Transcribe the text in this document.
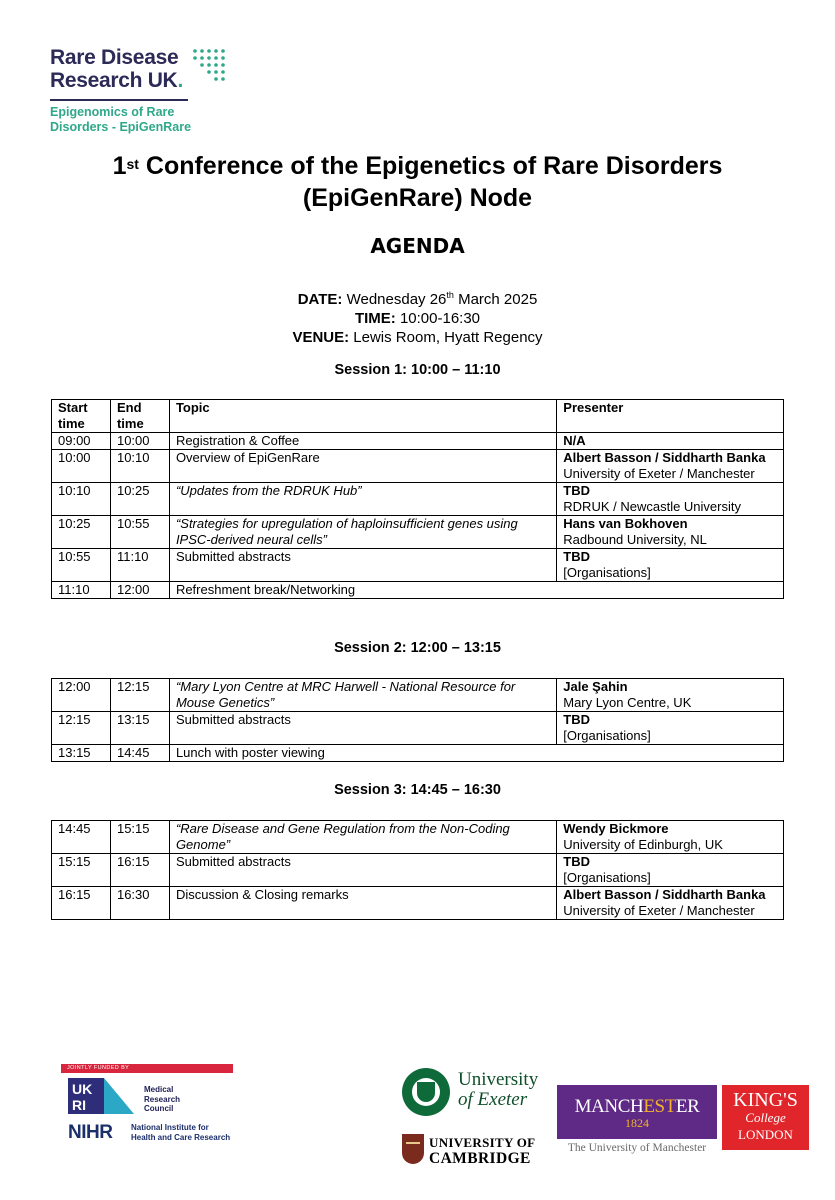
Rare Disease
Research UK.
Epigenomics of Rare
Disorders - EpiGenRare
1st Conference of the Epigenetics of Rare Disorders
(EpiGenRare) Node
AGENDA
DATE: Wednesday 26th March 2025
TIME: 10:00-16:30
VENUE: Lewis Room, Hyatt Regency
Session 1: 10:00 – 11:10
Start time	End time	Topic	Presenter
09:00	10:00	Registration & Coffee	N/A

10:00	10:10	Overview of EpiGenRare	Albert Basson / Siddharth Banka
University of Exeter / Manchester

10:10	10:25	“Updates from the RDRUK Hub”	TBD
RDRUK / Newcastle University

10:25	10:55	“Strategies for upregulation of haploinsufficient genes using IPSC-derived neural cells”	Hans van Bokhoven
Radbound University, NL

10:55	11:10	Submitted abstracts	TBD
[Organisations]

11:10	12:00	Refreshment break/Networking	
Session 2: 12:00 – 13:15
12:00	12:15	“Mary Lyon Centre at MRC Harwell - National Resource for Mouse Genetics”	Jale Şahin
Mary Lyon Centre, UK

12:15	13:15	Submitted abstracts	TBD
[Organisations]

13:15	14:45	Lunch with poster viewing	
Session 3: 14:45 – 16:30
14:45	15:15	“Rare Disease and Gene Regulation from the Non-Coding Genome”	Wendy Bickmore
University of Edinburgh, UK

15:15	16:15	Submitted abstracts	TBD
[Organisations]

16:15	16:30	Discussion & Closing remarks	Albert Basson / Siddharth Banka
University of Exeter / Manchester
JOINTLY FUNDED BY
UK
RI
Medical
Research
Council
NIHR National Institute for
Health and Care Research
University
of Exeter
UNIVERSITY OF
CAMBRIDGE
MANCHESTER
1824
The University of Manchester
KING'S
College
LONDON
